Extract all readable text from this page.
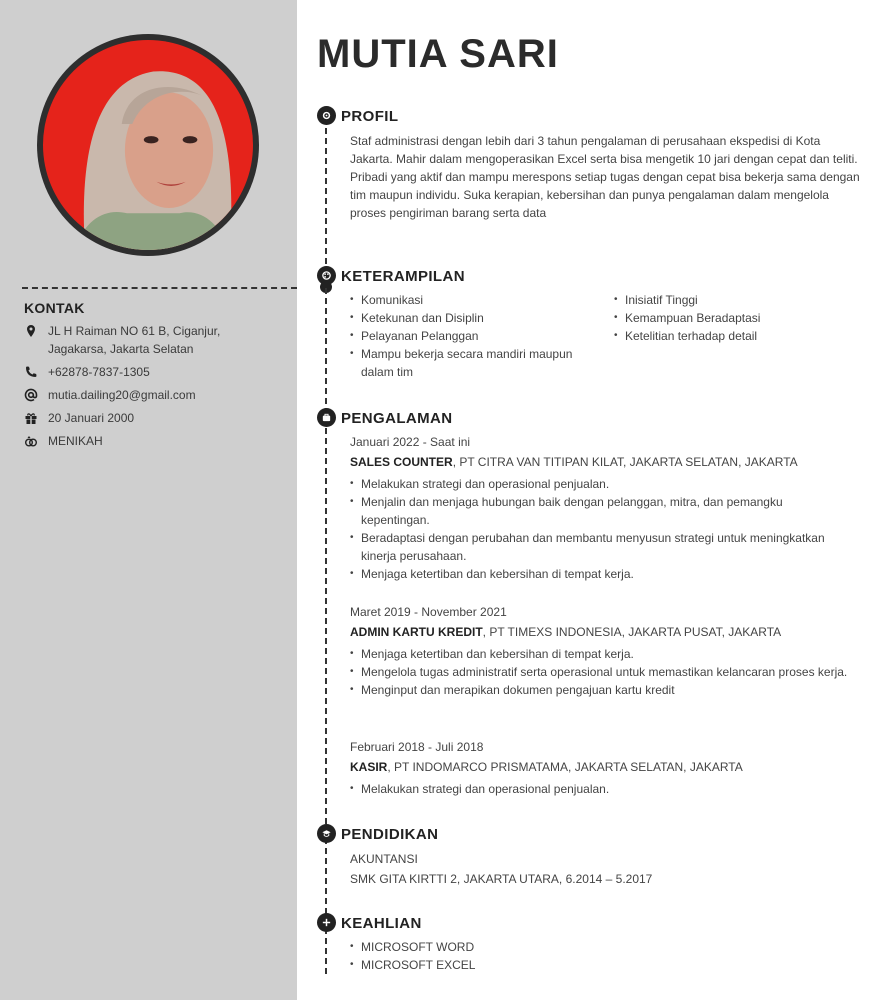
KONTAK
JL H Raiman NO 61 B, Ciganjur, Jagakarsa, Jakarta Selatan
+62878-7837-1305
mutia.dailing20@gmail.com
20 Januari 2000
MENIKAH
MUTIA SARI
PROFIL

Staf administrasi dengan lebih dari 3 tahun pengalaman di perusahaan ekspedisi di Kota Jakarta. Mahir dalam mengoperasikan Excel serta bisa mengetik 10 jari dengan cepat dan teliti.

Pribadi yang aktif dan mampu merespons setiap tugas dengan cepat bisa bekerja sama dengan tim maupun individu. Suka kerapian, kebersihan dan punya pengalaman dalam mengelola proses pengiriman barang serta data

KETERAMPILAN
• Komunikasi
• Ketekunan dan Disiplin
• Pelayanan Pelanggan
• Mampu bekerja secara mandiri maupun dalam tim
• Inisiatif Tinggi
• Kemampuan Beradaptasi
• Ketelitian terhadap detail
PENGALAMAN
Januari 2022 - Saat ini
SALES COUNTER, PT CITRA VAN TITIPAN KILAT, JAKARTA SELATAN, JAKARTA
• Melakukan strategi dan operasional penjualan.
• Menjalin dan menjaga hubungan baik dengan pelanggan, mitra, dan pemangku kepentingan.
• Beradaptasi dengan perubahan dan membantu menyusun strategi untuk meningkatkan kinerja perusahaan.
• Menjaga ketertiban dan kebersihan di tempat kerja.
Maret 2019 - November 2021
ADMIN KARTU KREDIT, PT TIMEXS INDONESIA, JAKARTA PUSAT, JAKARTA
• Menjaga ketertiban dan kebersihan di tempat kerja.
• Mengelola tugas administratif serta operasional untuk memastikan kelancaran proses kerja.
• Menginput dan merapikan dokumen pengajuan kartu kredit
Februari 2018 - Juli 2018
KASIR, PT INDOMARCO PRISMATAMA, JAKARTA SELATAN, JAKARTA
• Melakukan strategi dan operasional penjualan.
PENDIDIKAN
AKUNTANSI
SMK GITA KIRTTI 2, JAKARTA UTARA, 6.2014 – 5.2017
KEAHLIAN
• MICROSOFT WORD
• MICROSOFT EXCEL
